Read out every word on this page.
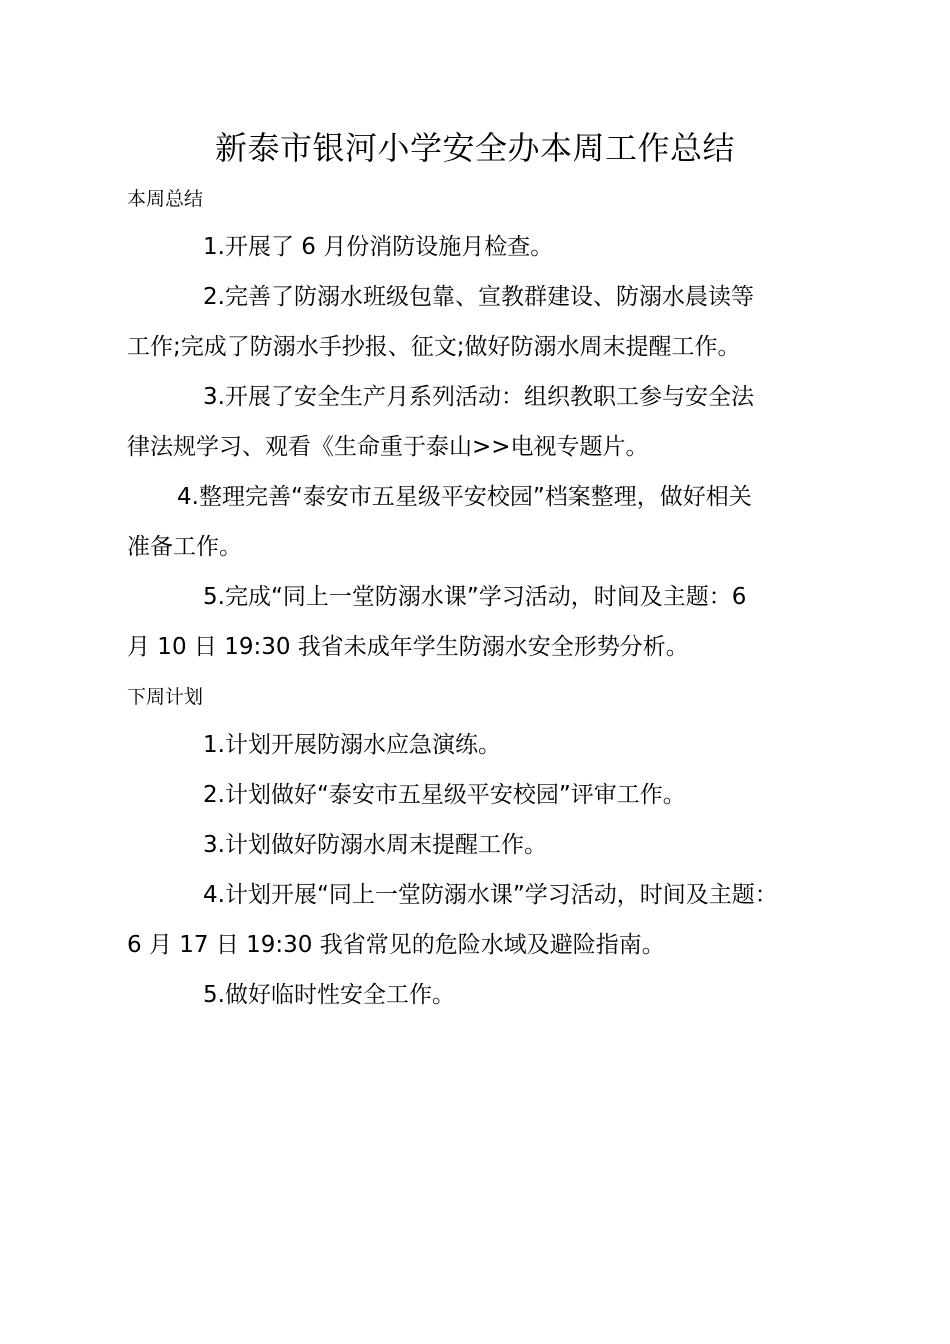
新泰市银河小学安全办本周工作总结
本周总结
1.开展了 6 月份消防设施月检查。
2.完善了防溺水班级包靠、宣教群建设、防溺水晨读等
工作;完成了防溺水手抄报、征文;做好防溺水周末提醒工作。
3.开展了安全生产月系列活动：组织教职工参与安全法
律法规学习、观看《生命重于泰山>>电视专题片。
4.整理完善“泰安市五星级平安校园”档案整理，做好相关
准备工作。
5.完成“同上一堂防溺水课”学习活动，时间及主题：6
月 10 日 19:30 我省未成年学生防溺水安全形势分析。
下周计划
1.计划开展防溺水应急演练。
2.计划做好“泰安市五星级平安校园”评审工作。
3.计划做好防溺水周末提醒工作。
4.计划开展“同上一堂防溺水课”学习活动，时间及主题：
6 月 17 日 19:30 我省常见的危险水域及避险指南。
5.做好临时性安全工作。
